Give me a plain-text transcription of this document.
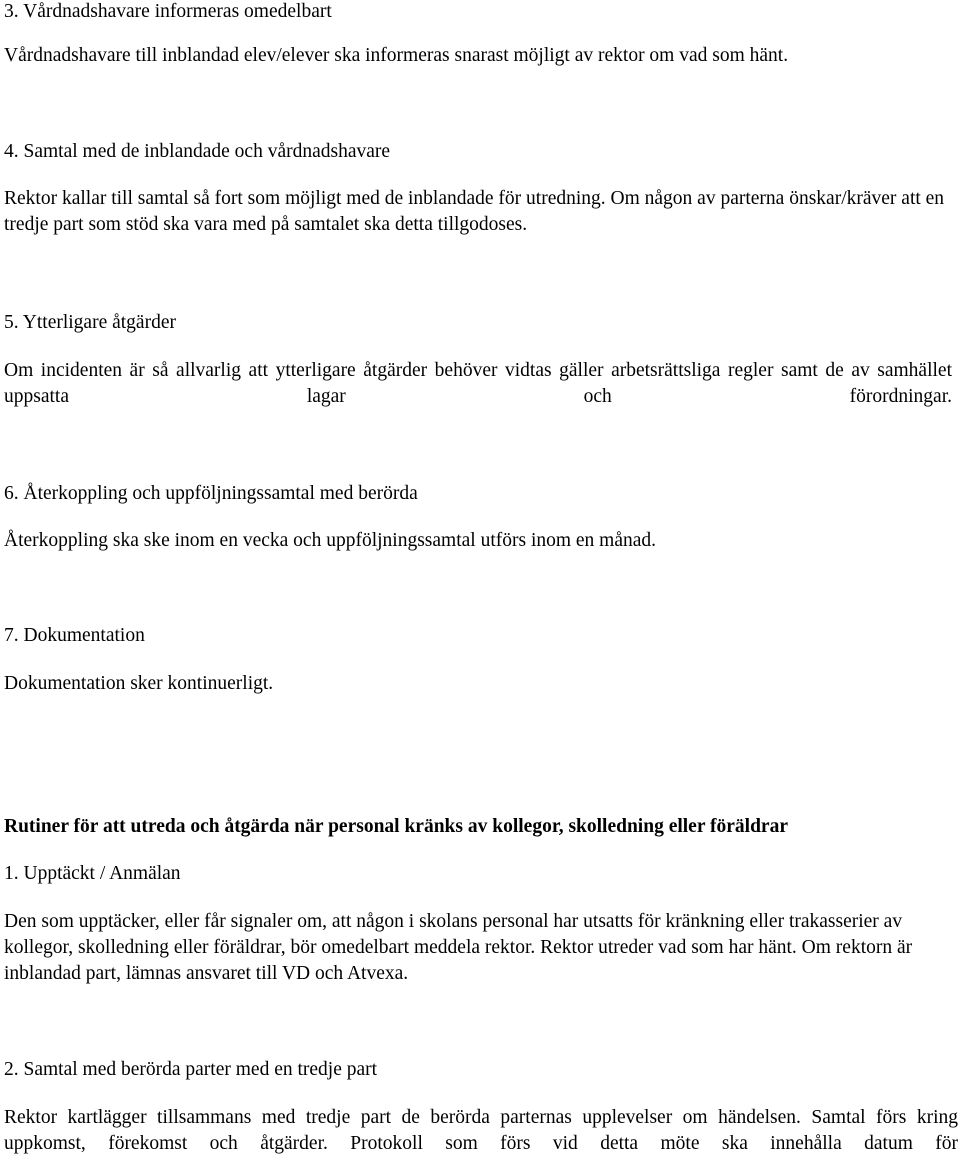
3. Vårdnadshavare informeras omedelbart

Vårdnadshavare till inblandad elev/elever ska informeras snarast möjligt av rektor om vad som hänt.

4. Samtal med de inblandade och vårdnadshavare

Rektor kallar till samtal så fort som möjligt med de inblandade för utredning. Om någon av parterna önskar/kräver att en tredje part som stöd ska vara med på samtalet ska detta tillgodoses.

5. Ytterligare åtgärder

Om incidenten är så allvarlig att ytterligare åtgärder behöver vidtas gäller arbetsrättsliga regler samt de av samhället uppsatta lagar och förordningar.

6. Återkoppling och uppföljningssamtal med berörda

Återkoppling ska ske inom en vecka och uppföljningssamtal utförs inom en månad.

7. Dokumentation

Dokumentation sker kontinuerligt.

Rutiner för att utreda och åtgärda när personal kränks av kollegor, skolledning eller föräldrar
1. Upptäckt / Anmälan

Den som upptäcker, eller får signaler om, att någon i skolans personal har utsatts för kränkning eller trakasserier av kollegor, skolledning eller föräldrar, bör omedelbart meddela rektor. Rektor utreder vad som har hänt. Om rektorn är inblandad part, lämnas ansvaret till VD och Atvexa.

2. Samtal med berörda parter med en tredje part

Rektor kartlägger tillsammans med tredje part de berörda parternas upplevelser om händelsen. Samtal förs kring uppkomst, förekomst och åtgärder. Protokoll som förs vid detta möte ska innehålla datum för
